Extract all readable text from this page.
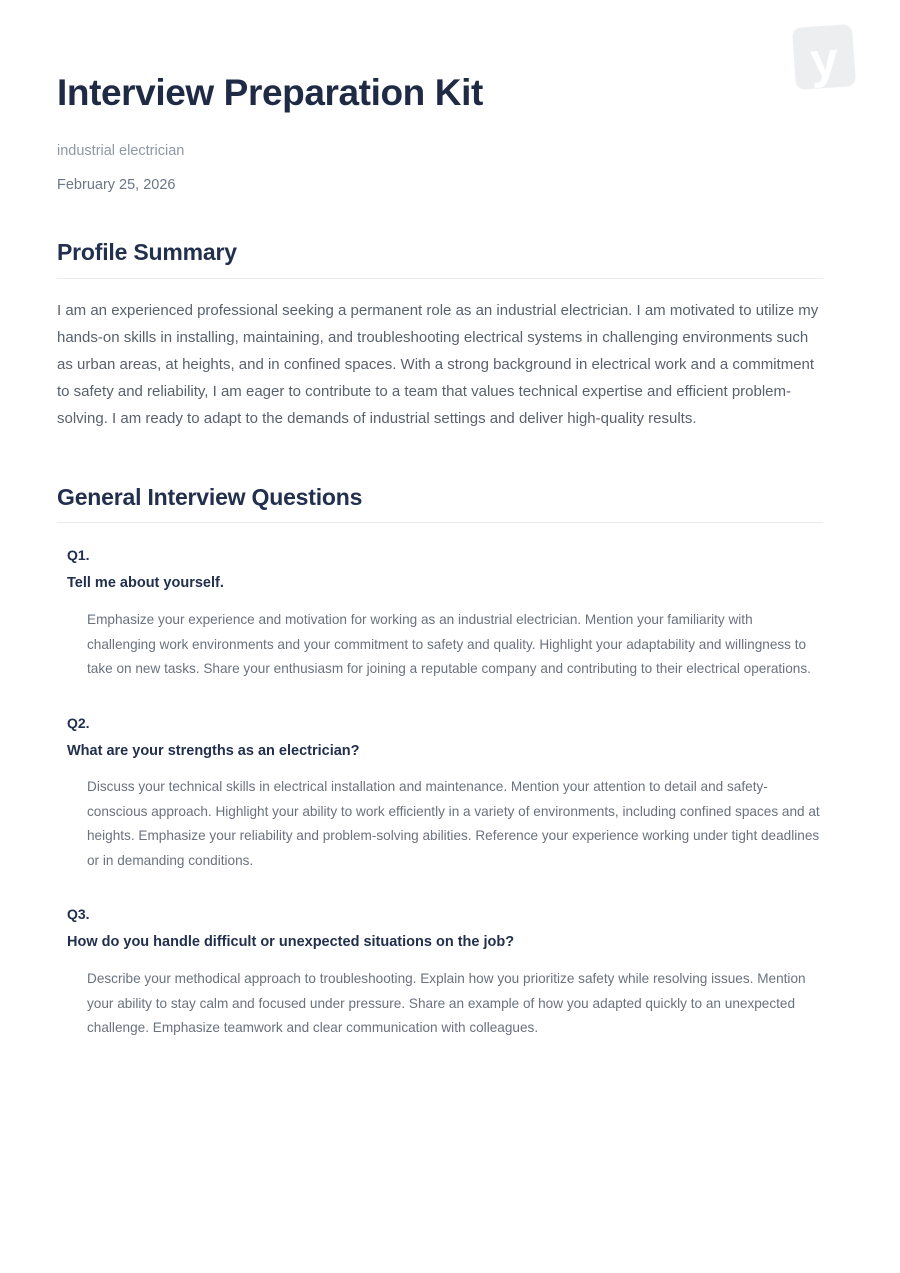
y
Interview Preparation Kit

industrial electrician

February 25, 2026

Profile Summary

I am an experienced professional seeking a permanent role as an industrial electrician. I am motivated to utilize my hands-on skills in installing, maintaining, and troubleshooting electrical systems in challenging environments such as urban areas, at heights, and in confined spaces. With a strong background in electrical work and a commitment to safety and reliability, I am eager to contribute to a team that values technical expertise and efficient problem-solving. I am ready to adapt to the demands of industrial settings and deliver high-quality results.

General Interview Questions

Q1.

Tell me about yourself.

Emphasize your experience and motivation for working as an industrial electrician. Mention your familiarity with challenging work environments and your commitment to safety and quality. Highlight your adaptability and willingness to take on new tasks. Share your enthusiasm for joining a reputable company and contributing to their electrical operations.

Q2.

What are your strengths as an electrician?

Discuss your technical skills in electrical installation and maintenance. Mention your attention to detail and safety-conscious approach. Highlight your ability to work efficiently in a variety of environments, including confined spaces and at heights. Emphasize your reliability and problem-solving abilities. Reference your experience working under tight deadlines or in demanding conditions.

Q3.

How do you handle difficult or unexpected situations on the job?

Describe your methodical approach to troubleshooting. Explain how you prioritize safety while resolving issues. Mention your ability to stay calm and focused under pressure. Share an example of how you adapted quickly to an unexpected challenge. Emphasize teamwork and clear communication with colleagues.
